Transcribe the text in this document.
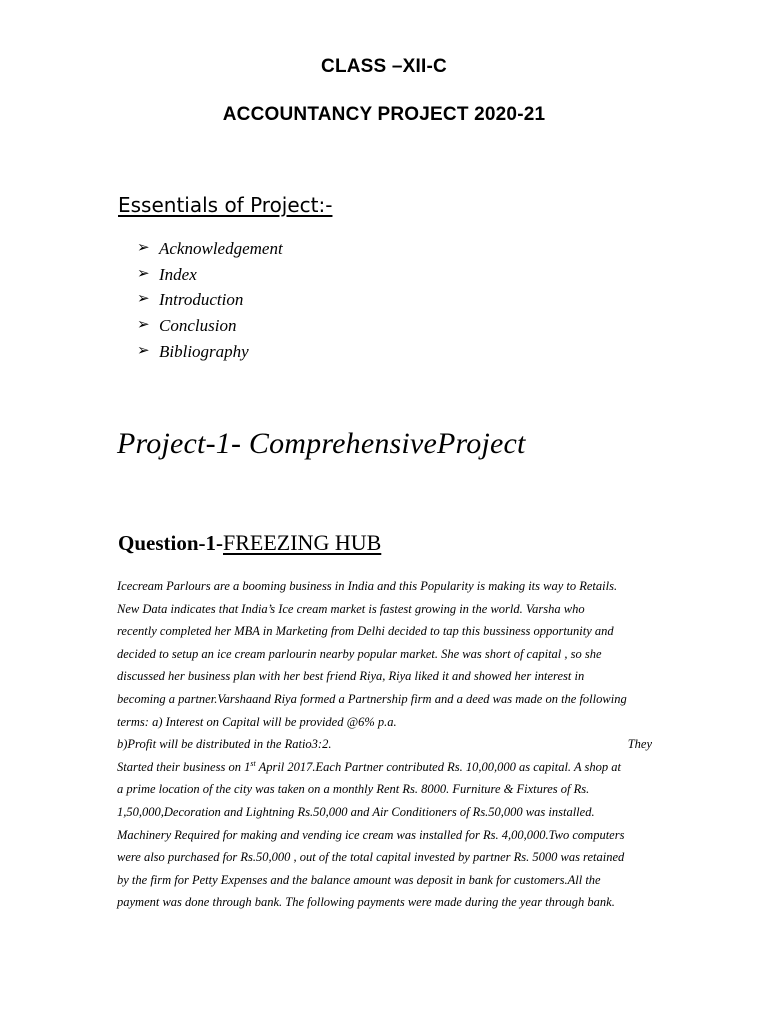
CLASS –XII-C
ACCOUNTANCY PROJECT 2020-21
Essentials of Project:-
➢ Acknowledgement
➢ Index
➢ Introduction
➢ Conclusion
➢ Bibliography
Project-1- ComprehensiveProject
Question-1-FREEZING HUB
Icecream Parlours are a booming business in India and this Popularity is making its way to Retails.
New Data indicates that India’s Ice cream market is fastest growing in the world. Varsha who
recently completed her MBA in Marketing from Delhi decided to tap this bussiness opportunity and
decided to setup an ice cream parlourin nearby popular market. She was short of capital , so she
discussed her business plan with her best friend Riya, Riya liked it and showed her interest in
becoming a partner.Varshaand Riya formed a Partnership firm and a deed was made on the following
terms: a) Interest on Capital will be provided @6% p.a.
b)Profit will be distributed in the Ratio3:2.	They
Started their business on 1st April 2017.Each Partner contributed Rs. 10,00,000 as capital. A shop at
a prime location of the city was taken on a monthly Rent Rs. 8000. Furniture & Fixtures of Rs.
1,50,000,Decoration and Lightning Rs.50,000 and Air Conditioners of Rs.50,000 was installed.
Machinery Required for making and vending ice cream was installed for Rs. 4,00,000.Two computers
were also purchased for Rs.50,000 , out of the total capital invested by partner Rs. 5000 was retained
by the firm for Petty Expenses and the balance amount was deposit in bank for customers.All the
payment was done through bank. The following payments were made during the year through bank.
